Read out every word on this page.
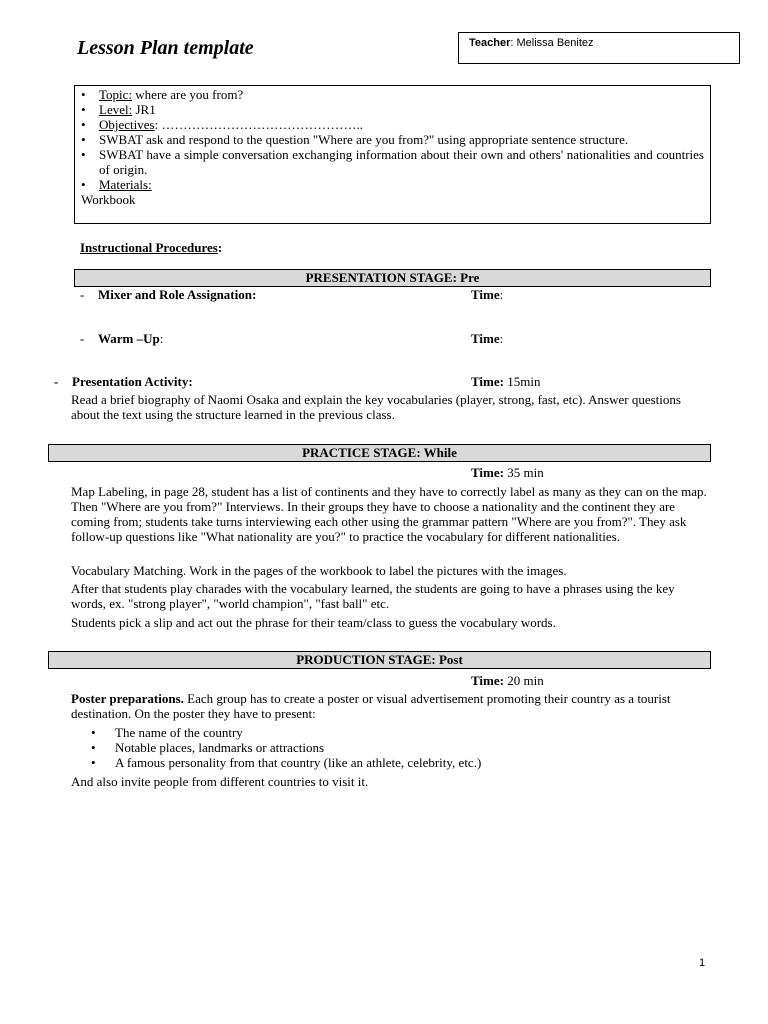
Lesson Plan template	Teacher: Melissa Benitez
• Topic: where are you from?
• Level: JR1
• Objectives: ………………………………………..
• SWBAT ask and respond to the question "Where are you from?" using appropriate sentence structure.
• SWBAT have a simple conversation exchanging information about their own and others' nationalities and countries of origin.
• Materials:
Workbook
Instructional Procedures:
PRESENTATION STAGE: Pre
- Mixer and Role Assignation:	Time:
- Warm –Up:	Time:
- Presentation Activity:	Time: 15min
Read a brief biography of Naomi Osaka and explain the key vocabularies (player, strong, fast, etc). Answer questions about the text using the structure learned in the previous class.
PRACTICE STAGE: While
Time: 35 min
Map Labeling, in page 28, student has a list of continents and they have to correctly label as many as they can on the map. Then "Where are you from?" Interviews. In their groups they have to choose a nationality and the continent they are coming from; students take turns interviewing each other using the grammar pattern "Where are you from?". They ask follow-up questions like "What nationality are you?" to practice the vocabulary for different nationalities.
Vocabulary Matching. Work in the pages of the workbook to label the pictures with the images.
After that students play charades with the vocabulary learned, the students are going to have a phrases using the key words, ex. "strong player", "world champion", "fast ball" etc.
Students pick a slip and act out the phrase for their team/class to guess the vocabulary words.
PRODUCTION STAGE: Post
Time: 20 min
Poster preparations. Each group has to create a poster or visual advertisement promoting their country as a tourist destination. On the poster they have to present:
• The name of the country
• Notable places, landmarks or attractions
• A famous personality from that country (like an athlete, celebrity, etc.)
And also invite people from different countries to visit it.
1
